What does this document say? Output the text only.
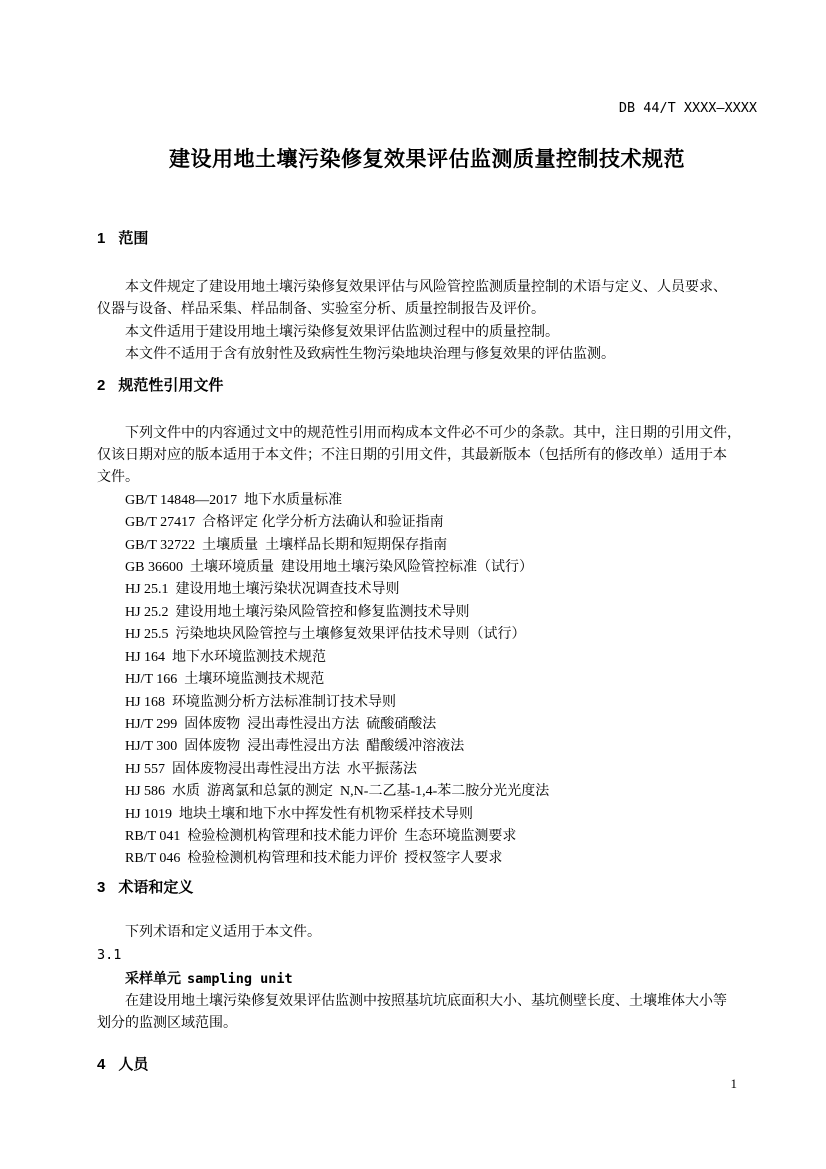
DB 44/T XXXX—XXXX
建设用地土壤污染修复效果评估监测质量控制技术规范
1 范围

本文件规定了建设用地土壤污染修复效果评估与风险管控监测质量控制的术语与定义、人员要求、

仪器与设备、样品采集、样品制备、实验室分析、质量控制报告及评价。

本文件适用于建设用地土壤污染修复效果评估监测过程中的质量控制。

本文件不适用于含有放射性及致病性生物污染地块治理与修复效果的评估监测。

2 规范性引用文件

下列文件中的内容通过文中的规范性引用而构成本文件必不可少的条款。其中，注日期的引用文件，

仅该日期对应的版本适用于本文件；不注日期的引用文件，其最新版本（包括所有的修改单）适用于本

文件。

GB/T 14848—2017  地下水质量标准

GB/T 27417  合格评定 化学分析方法确认和验证指南

GB/T 32722  土壤质量  土壤样品长期和短期保存指南

GB 36600  土壤环境质量  建设用地土壤污染风险管控标准（试行）

HJ 25.1  建设用地土壤污染状况调查技术导则

HJ 25.2  建设用地土壤污染风险管控和修复监测技术导则

HJ 25.5  污染地块风险管控与土壤修复效果评估技术导则（试行）

HJ 164  地下水环境监测技术规范

HJ/T 166  土壤环境监测技术规范

HJ 168  环境监测分析方法标准制订技术导则

HJ/T 299  固体废物  浸出毒性浸出方法  硫酸硝酸法

HJ/T 300  固体废物  浸出毒性浸出方法  醋酸缓冲溶液法

HJ 557  固体废物浸出毒性浸出方法  水平振荡法

HJ 586  水质  游离氯和总氯的测定  N,N-二乙基-1,4-苯二胺分光光度法

HJ 1019  地块土壤和地下水中挥发性有机物采样技术导则

RB/T 041  检验检测机构管理和技术能力评价  生态环境监测要求

RB/T 046  检验检测机构管理和技术能力评价  授权签字人要求

3 术语和定义

下列术语和定义适用于本文件。

3.1

采样单元 sampling unit

在建设用地土壤污染修复效果评估监测中按照基坑坑底面积大小、基坑侧壁长度、土壤堆体大小等

划分的监测区域范围。

4 人员
1
